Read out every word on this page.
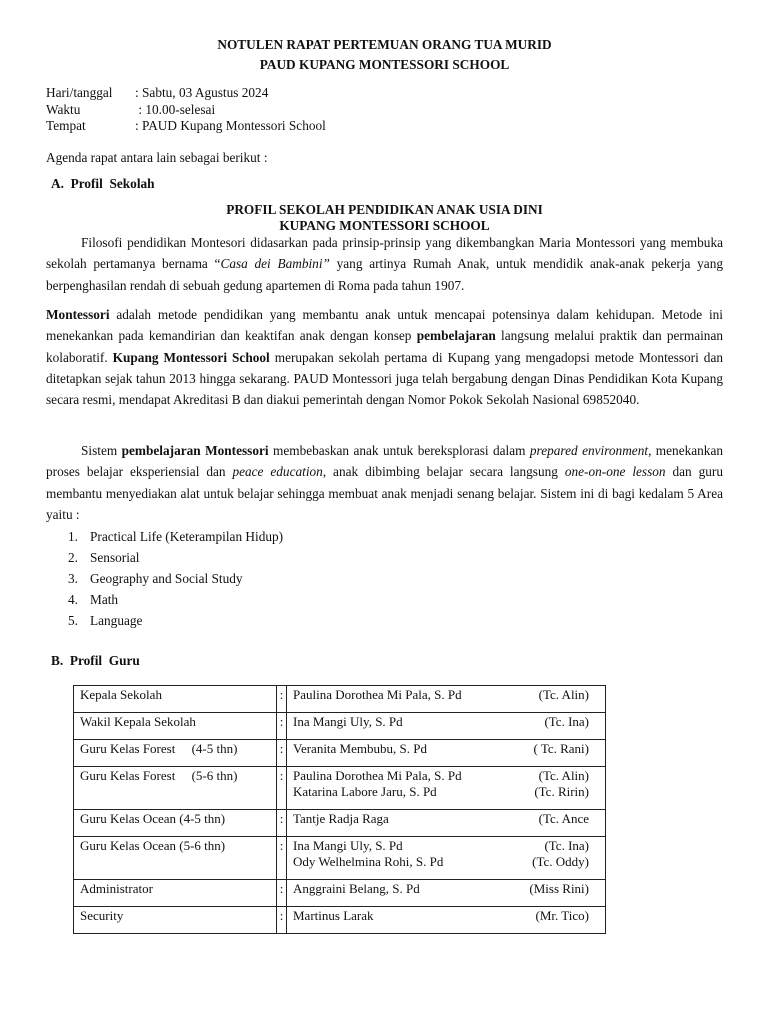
NOTULEN RAPAT PERTEMUAN ORANG TUA MURID
PAUD KUPANG MONTESSORI SCHOOL
Hari/tanggal	: Sabtu, 03 Agustus 2024
Waktu	: 10.00-selesai
Tempat	: PAUD Kupang Montessori School
Agenda rapat antara lain sebagai berikut :
A.  Profil  Sekolah
PROFIL SEKOLAH PENDIDIKAN ANAK USIA DINI
KUPANG MONTESSORI SCHOOL
Filosofi pendidikan Montesori didasarkan pada prinsip-prinsip yang dikembangkan Maria Montessori yang membuka sekolah pertamanya bernama “Casa dei Bambini” yang artinya Rumah Anak, untuk mendidik anak-anak pekerja yang berpenghasilan rendah di sebuah gedung apartemen di Roma pada tahun 1907.
Montessori adalah metode pendidikan yang membantu anak untuk mencapai potensinya dalam kehidupan. Metode ini menekankan pada kemandirian dan keaktifan anak dengan konsep pembelajaran langsung melalui praktik dan permainan kolaboratif. Kupang Montessori School merupakan sekolah pertama di Kupang yang mengadopsi metode Montessori dan ditetapkan sejak tahun 2013 hingga sekarang. PAUD Montessori juga telah bergabung dengan Dinas Pendidikan Kota Kupang secara resmi, mendapat Akreditasi B dan diakui pemerintah dengan Nomor Pokok Sekolah Nasional 69852040.
Sistem pembelajaran Montessori membebaskan anak untuk bereksplorasi dalam prepared environment, menekankan proses belajar eksperiensial dan peace education, anak dibimbing belajar secara langsung one-on-one lesson dan guru membantu menyediakan alat untuk belajar sehingga membuat anak menjadi senang belajar. Sistem ini di bagi kedalam 5 Area yaitu :
1. Practical Life (Keterampilan Hidup)
2. Sensorial
3. Geography and Social Study
4. Math
5. Language
B.  Profil  Guru
Kepala Sekolah	:	Paulina Dorothea Mi Pala, S. Pd (Tc. Alin)

Wakil Kepala Sekolah	:	Ina Mangi Uly, S. Pd (Tc. Ina)

Guru Kelas Forest     (4-5 thn)	:	Veranita Membubu, S. Pd ( Tc. Rani)

Guru Kelas Forest     (5-6 thn)	:	Paulina Dorothea Mi Pala, S. Pd (Tc. Alin)
Katarina Labore Jaru, S. Pd (Tc. Ririn)

Guru Kelas Ocean (4-5 thn)	:	Tantje Radja Raga (Tc. Ance

Guru Kelas Ocean (5-6 thn)	:	Ina Mangi Uly, S. Pd (Tc. Ina)
Ody Welhelmina Rohi, S. Pd (Tc. Oddy)

Administrator	:	Anggraini Belang, S. Pd (Miss Rini)

Security	:	Martinus Larak (Mr. Tico)
